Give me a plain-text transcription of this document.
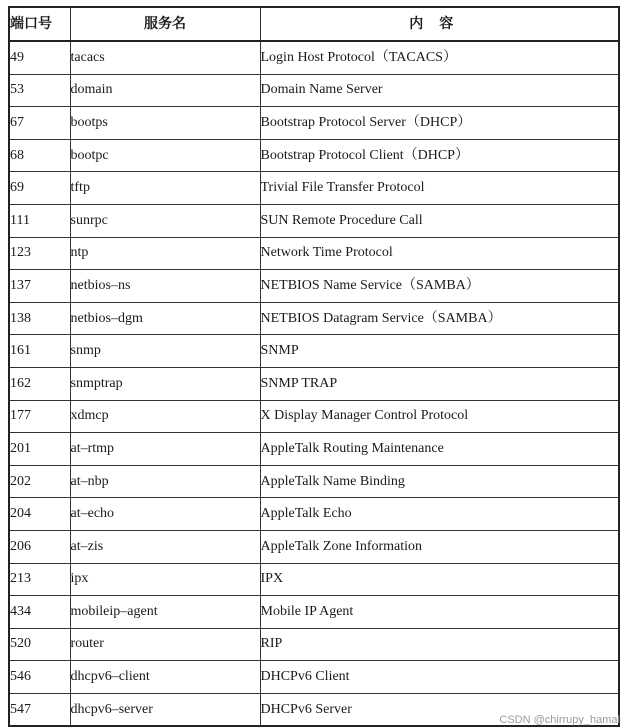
端口号	服务名	内容
49	tacacs	Login Host Protocol（TACACS）
53	domain	Domain Name Server
67	bootps	Bootstrap Protocol Server（DHCP）
68	bootpc	Bootstrap Protocol Client（DHCP）
69	tftp	Trivial File Transfer Protocol
111	sunrpc	SUN Remote Procedure Call
123	ntp	Network Time Protocol
137	netbios–ns	NETBIOS Name Service（SAMBA）
138	netbios–dgm	NETBIOS Datagram Service（SAMBA）
161	snmp	SNMP
162	snmptrap	SNMP TRAP
177	xdmcp	X Display Manager Control Protocol
201	at–rtmp	AppleTalk Routing Maintenance
202	at–nbp	AppleTalk Name Binding
204	at–echo	AppleTalk Echo
206	at–zis	AppleTalk Zone Information
213	ipx	IPX
434	mobileip–agent	Mobile IP Agent
520	router	RIP
546	dhcpv6–client	DHCPv6 Client
547	dhcpv6–server	DHCPv6 Server
CSDN @chirrupy_hamal
